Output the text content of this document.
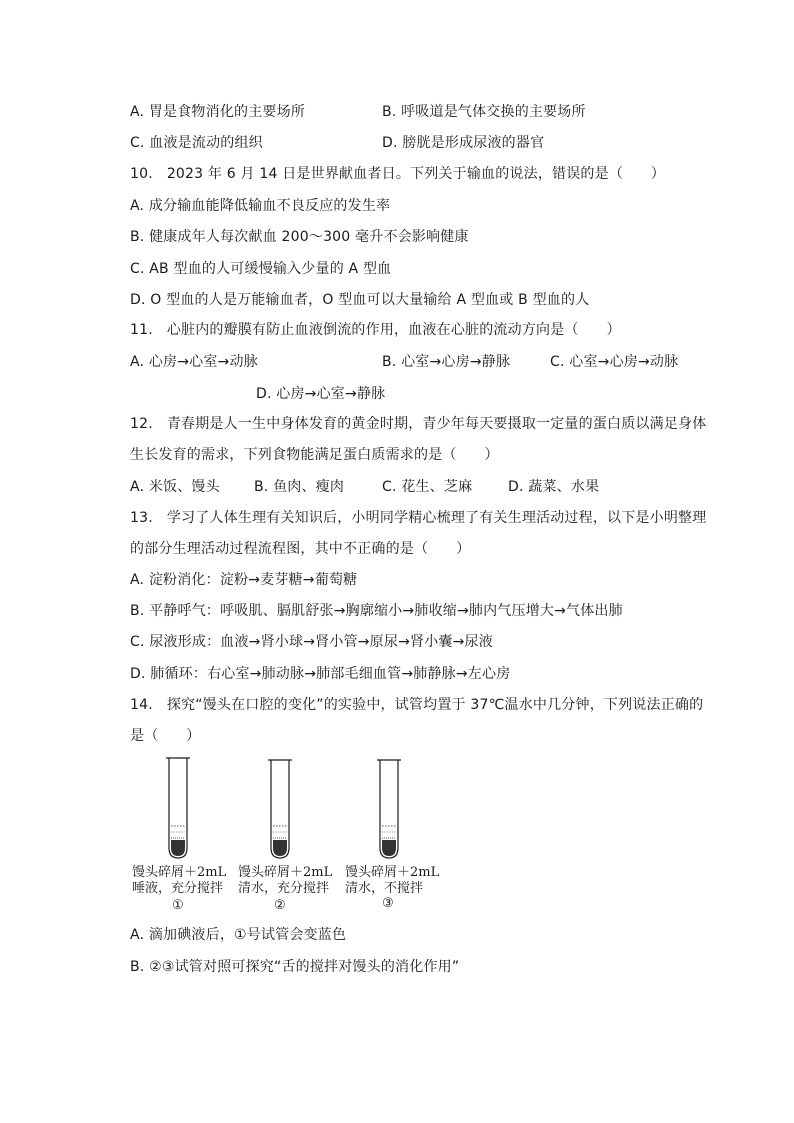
A. 胃是食物消化的主要场所	B. 呼吸道是气体交换的主要场所
C. 血液是流动的组织	D. 膀胱是形成尿液的器官
10.   2023 年 6 月 14 日是世界献血者日。下列关于输血的说法，错误的是（      ）
A. 成分输血能降低输血不良反应的发生率
B. 健康成年人每次献血 200～300 毫升不会影响健康
C. AB 型血的人可缓慢输入少量的 A 型血
D. O 型血的人是万能输血者，O 型血可以大量输给 A 型血或 B 型血的人
11.   心脏内的瓣膜有防止血液倒流的作用，血液在心脏的流动方向是（      ）
A. 心房→心室→动脉	B. 心室→心房→静脉	C. 心室→心房→动脉
D. 心房→心室→静脉
12.   青春期是人一生中身体发育的黄金时期，青少年每天要摄取一定量的蛋白质以满足身体
生长发育的需求，下列食物能满足蛋白质需求的是（      ）
A. 米饭、馒头 B. 鱼肉、瘦肉	C. 花生、芝麻	D. 蔬菜、水果
13.   学习了人体生理有关知识后，小明同学精心梳理了有关生理活动过程，以下是小明整理
的部分生理活动过程流程图，其中不正确的是（      ）
A. 淀粉消化：淀粉→麦芽糖→葡萄糖
B. 平静呼气：呼吸肌、膈肌舒张→胸廓缩小→肺收缩→肺内气压增大→气体出肺
C. 尿液形成：血液→肾小球→肾小管→原尿→肾小囊→尿液
D. 肺循环：右心室→肺动脉→肺部毛细血管→肺静脉→左心房
14.   探究“馒头在口腔的变化”的实验中，试管均置于 37℃温水中几分钟，下列说法正确的
是（      ）
馒头碎屑＋2mL
唾液，充分搅拌
①
馒头碎屑＋2mL
清水，充分搅拌
②
馒头碎屑＋2mL
清水，不搅拌
③
A. 滴加碘液后，①号试管会变蓝色
B. ②③试管对照可探究“舌的搅拌对馒头的消化作用”
